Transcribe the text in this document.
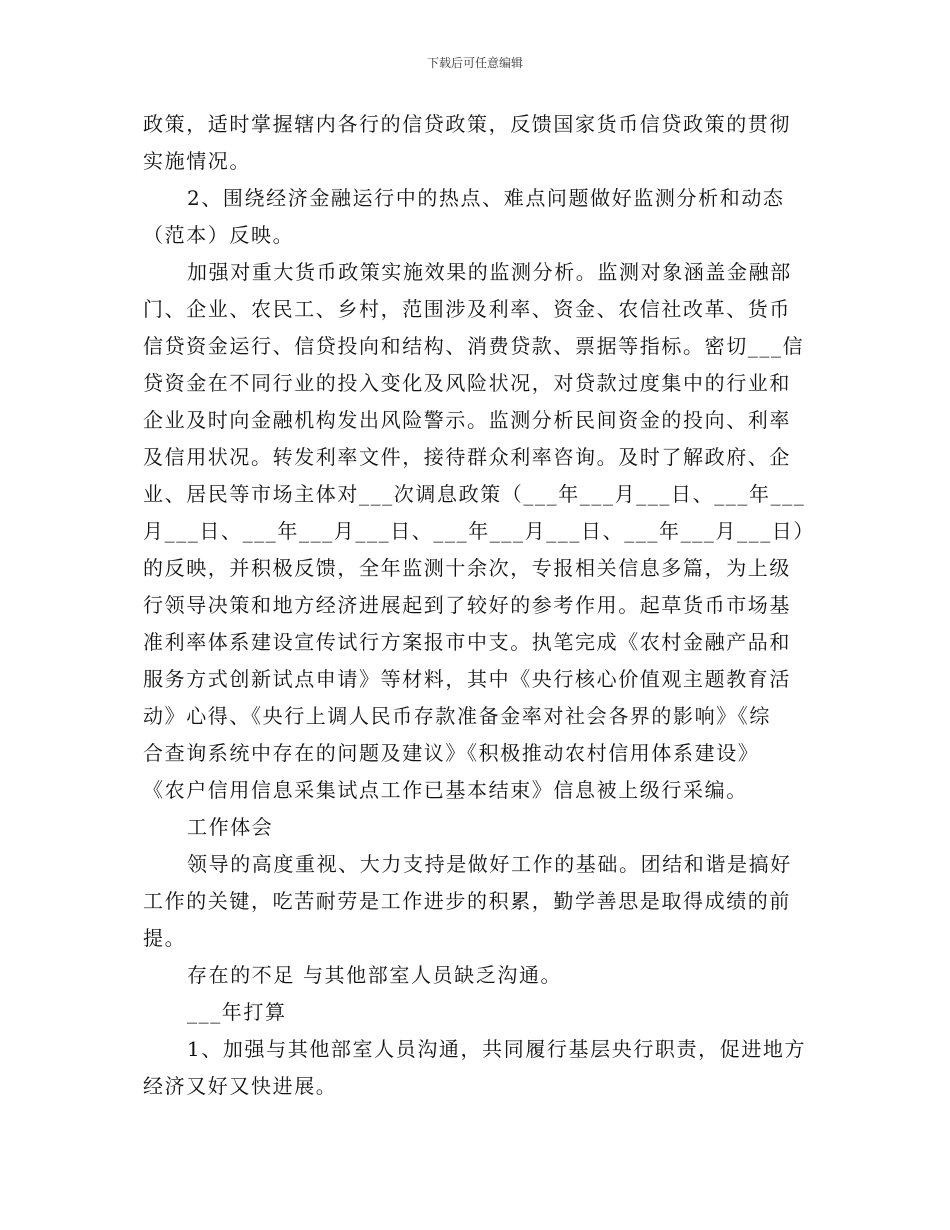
下载后可任意编辑
政策，适时掌握辖内各行的信贷政策，反馈国家货币信贷政策的贯彻
实施情况。
2、围绕经济金融运行中的热点、难点问题做好监测分析和动态
（范本）反映。
加强对重大货币政策实施效果的监测分析。监测对象涵盖金融部
门、企业、农民工、乡村，范围涉及利率、资金、农信社改革、货币
信贷资金运行、信贷投向和结构、消费贷款、票据等指标。密切___信
贷资金在不同行业的投入变化及风险状况，对贷款过度集中的行业和
企业及时向金融机构发出风险警示。监测分析民间资金的投向、利率
及信用状况。转发利率文件，接待群众利率咨询。及时了解政府、企
业、居民等市场主体对___次调息政策（___年___月___日、___年___
月___日、___年___月___日、___年___月___日、___年___月___日）
的反映，并积极反馈，全年监测十余次，专报相关信息多篇，为上级
行领导决策和地方经济进展起到了较好的参考作用。起草货币市场基
准利率体系建设宣传试行方案报市中支。执笔完成《农村金融产品和
服务方式创新试点申请》等材料，其中《央行核心价值观主题教育活
动》心得、《央行上调人民币存款准备金率对社会各界的影响》《综
合查询系统中存在的问题及建议》《积极推动农村信用体系建设》
《农户信用信息采集试点工作已基本结束》信息被上级行采编。
工作体会
领导的高度重视、大力支持是做好工作的基础。团结和谐是搞好
工作的关键，吃苦耐劳是工作进步的积累，勤学善思是取得成绩的前
提。
存在的不足 与其他部室人员缺乏沟通。
___年打算
1、加强与其他部室人员沟通，共同履行基层央行职责，促进地方
经济又好又快进展。
